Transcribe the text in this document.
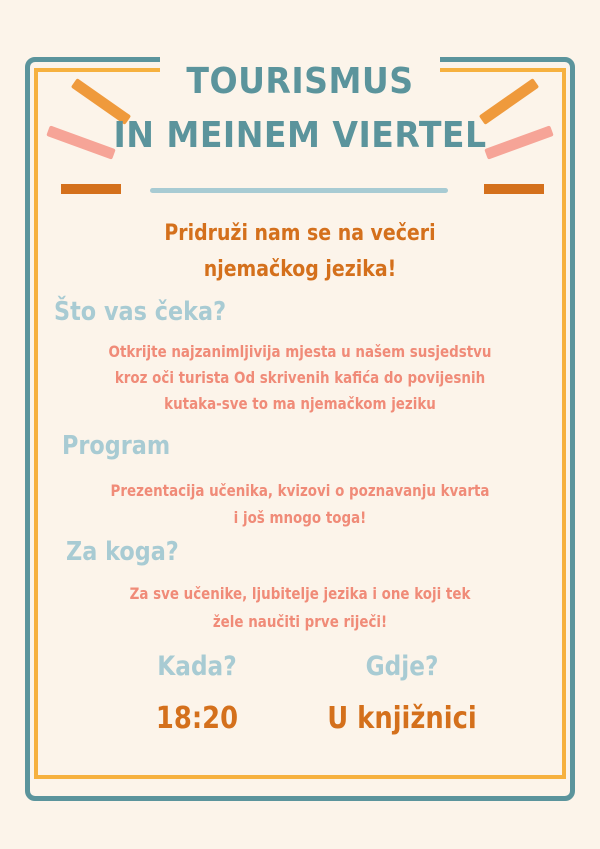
TOURISMUS
IN MEINEM VIERTEL
Pridruži nam se na večeri
njemačkog jezika!
Što vas čeka?
Otkrijte najzanimljivija mjesta u našem susjedstvu
kroz oči turista Od skrivenih kafića do povijesnih
kutaka-sve to ma njemačkom jeziku
Program
Prezentacija učenika, kvizovi o poznavanju kvarta
i još mnogo toga!
Za koga?
Za sve učenike, ljubitelje jezika i one koji tek
žele naučiti prve riječi!
Kada?	Gdje?
18:20	U knjižnici
